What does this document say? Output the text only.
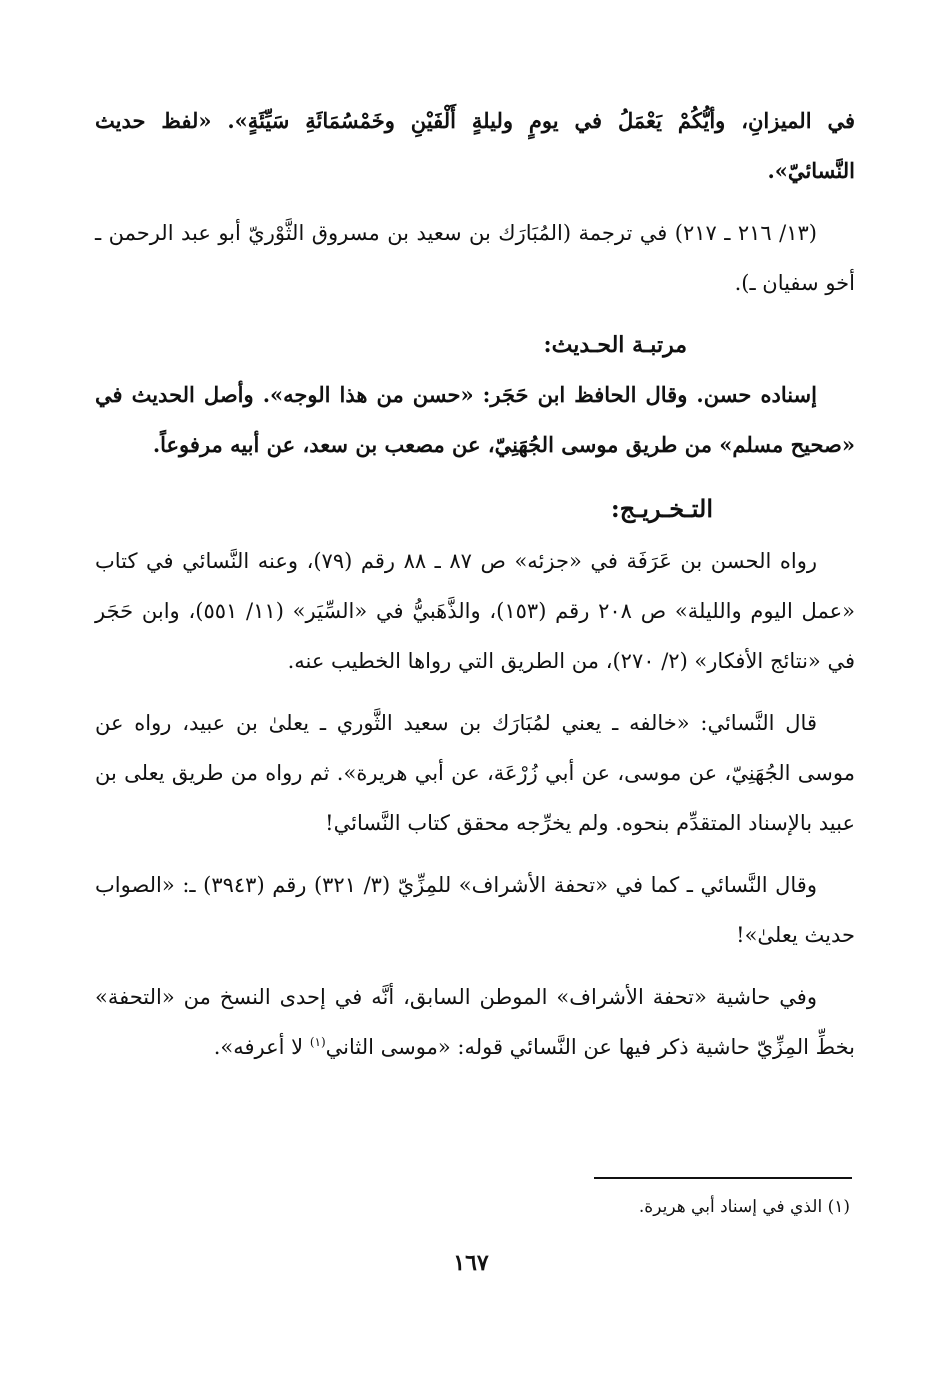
في الميزانِ، وأيُّكُمْ يَعْمَلُ في يومٍ وليلةٍ أَلْفَيْنِ وخَمْسُمَائَةِ سَيِّئَةٍ». «لفظ حديث النَّسائيّ».

(١٣/ ٢١٦ ـ ٢١٧) في ترجمة (المُبَارَك بن سعيد بن مسروق الثَّوْريّ أبو عبد الرحمن ـ أخو سفيان ـ).

مرتبـة الحـديث:

إسناده حسن. وقال الحافظ ابن حَجَر: «حسن من هذا الوجه». وأصل الحديث في «صحيح مسلم» من طريق موسى الجُهَنِيّ، عن مصعب بن سعد، عن أبيه مرفوعاً.

التـخـريـج:

رواه الحسن بن عَرَفَة في «جزئه» ص ٨٧ ـ ٨٨ رقم (٧٩)، وعنه النَّسائي في كتاب «عمل اليوم والليلة» ص ٢٠٨ رقم (١٥٣)، والذَّهَبيُّ في «السِّيَر» (١١/ ٥٥١)، وابن حَجَر في «نتائج الأفكار» (٢/ ٢٧٠)، من الطريق التي رواها الخطيب عنه.

قال النَّسائي: «خالفه ـ يعني لمُبَارَك بن سعيد الثَّوري ـ يعلىٰ بن عبيد، رواه عن موسى الجُهَنِيّ، عن موسى، عن أبي زُرْعَة، عن أبي هريرة». ثم رواه من طريق يعلى بن عبيد بالإسناد المتقدِّم بنحوه. ولم يخرِّجه محقق كتاب النَّسائي!

وقال النَّسائي ـ كما في «تحفة الأشراف» للمِزِّيّ (٣/ ٣٢١) رقم (٣٩٤٣) ـ: «الصواب حديث يعلىٰ»!

وفي حاشية «تحفة الأشراف» الموطن السابق، أنَّه في إحدى النسخ من «التحفة» بخطِّ المِزِّيّ حاشية ذكر فيها عن النَّسائي قوله: «موسى الثاني$^{(١)}$ لا أعرفه».

(١) الذي في إسناد أبي هريرة.
١٦٧
